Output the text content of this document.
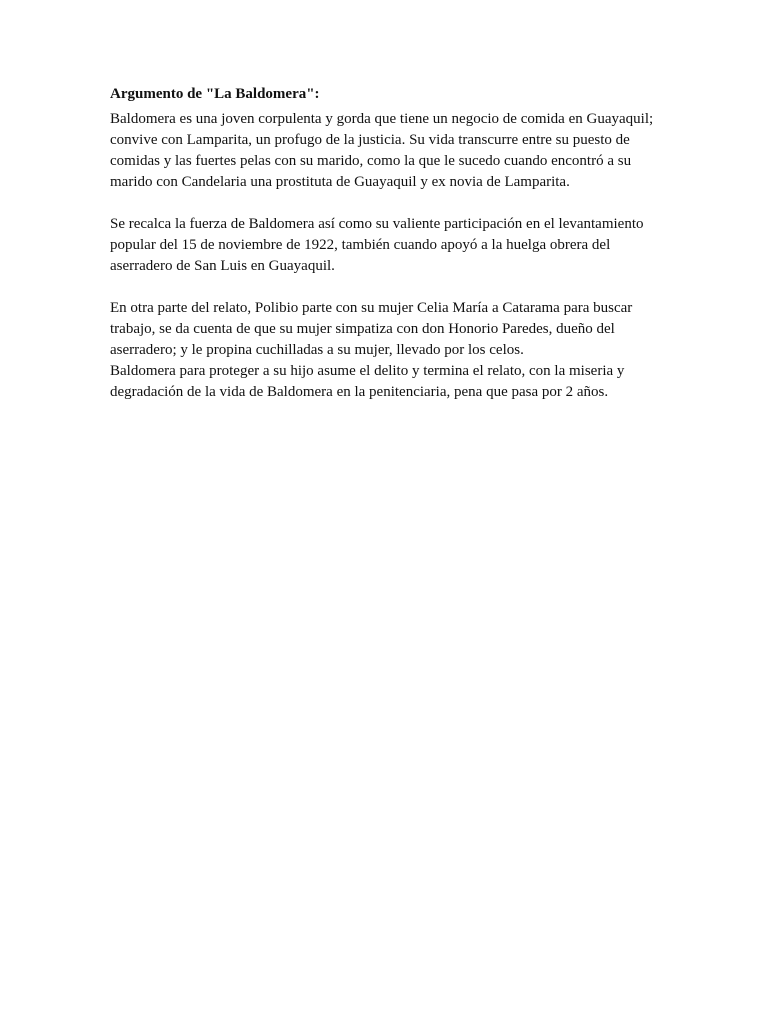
Argumento de "La Baldomera":

Baldomera es una joven corpulenta y gorda que tiene un negocio de comida en Guayaquil; convive con Lamparita, un profugo de la justicia. Su vida transcurre entre su puesto de comidas y las fuertes pelas con su marido, como la que le sucedo cuando encontró a su marido con Candelaria una prostituta de Guayaquil y ex novia de Lamparita.

Se recalca la fuerza de Baldomera así como su valiente participación en el levantamiento popular del 15 de noviembre de 1922, también cuando apoyó a la huelga obrera del aserradero de San Luis en Guayaquil.

En otra parte del relato, Polibio parte con su mujer Celia María a Catarama para buscar trabajo, se da cuenta de que su mujer simpatiza con don Honorio Paredes, dueño del aserradero; y le propina cuchilladas a su mujer, llevado por los celos.

Baldomera para proteger a su hijo asume el delito y termina el relato, con la miseria y degradación de la vida de Baldomera en la penitenciaria, pena que pasa por 2 años.
